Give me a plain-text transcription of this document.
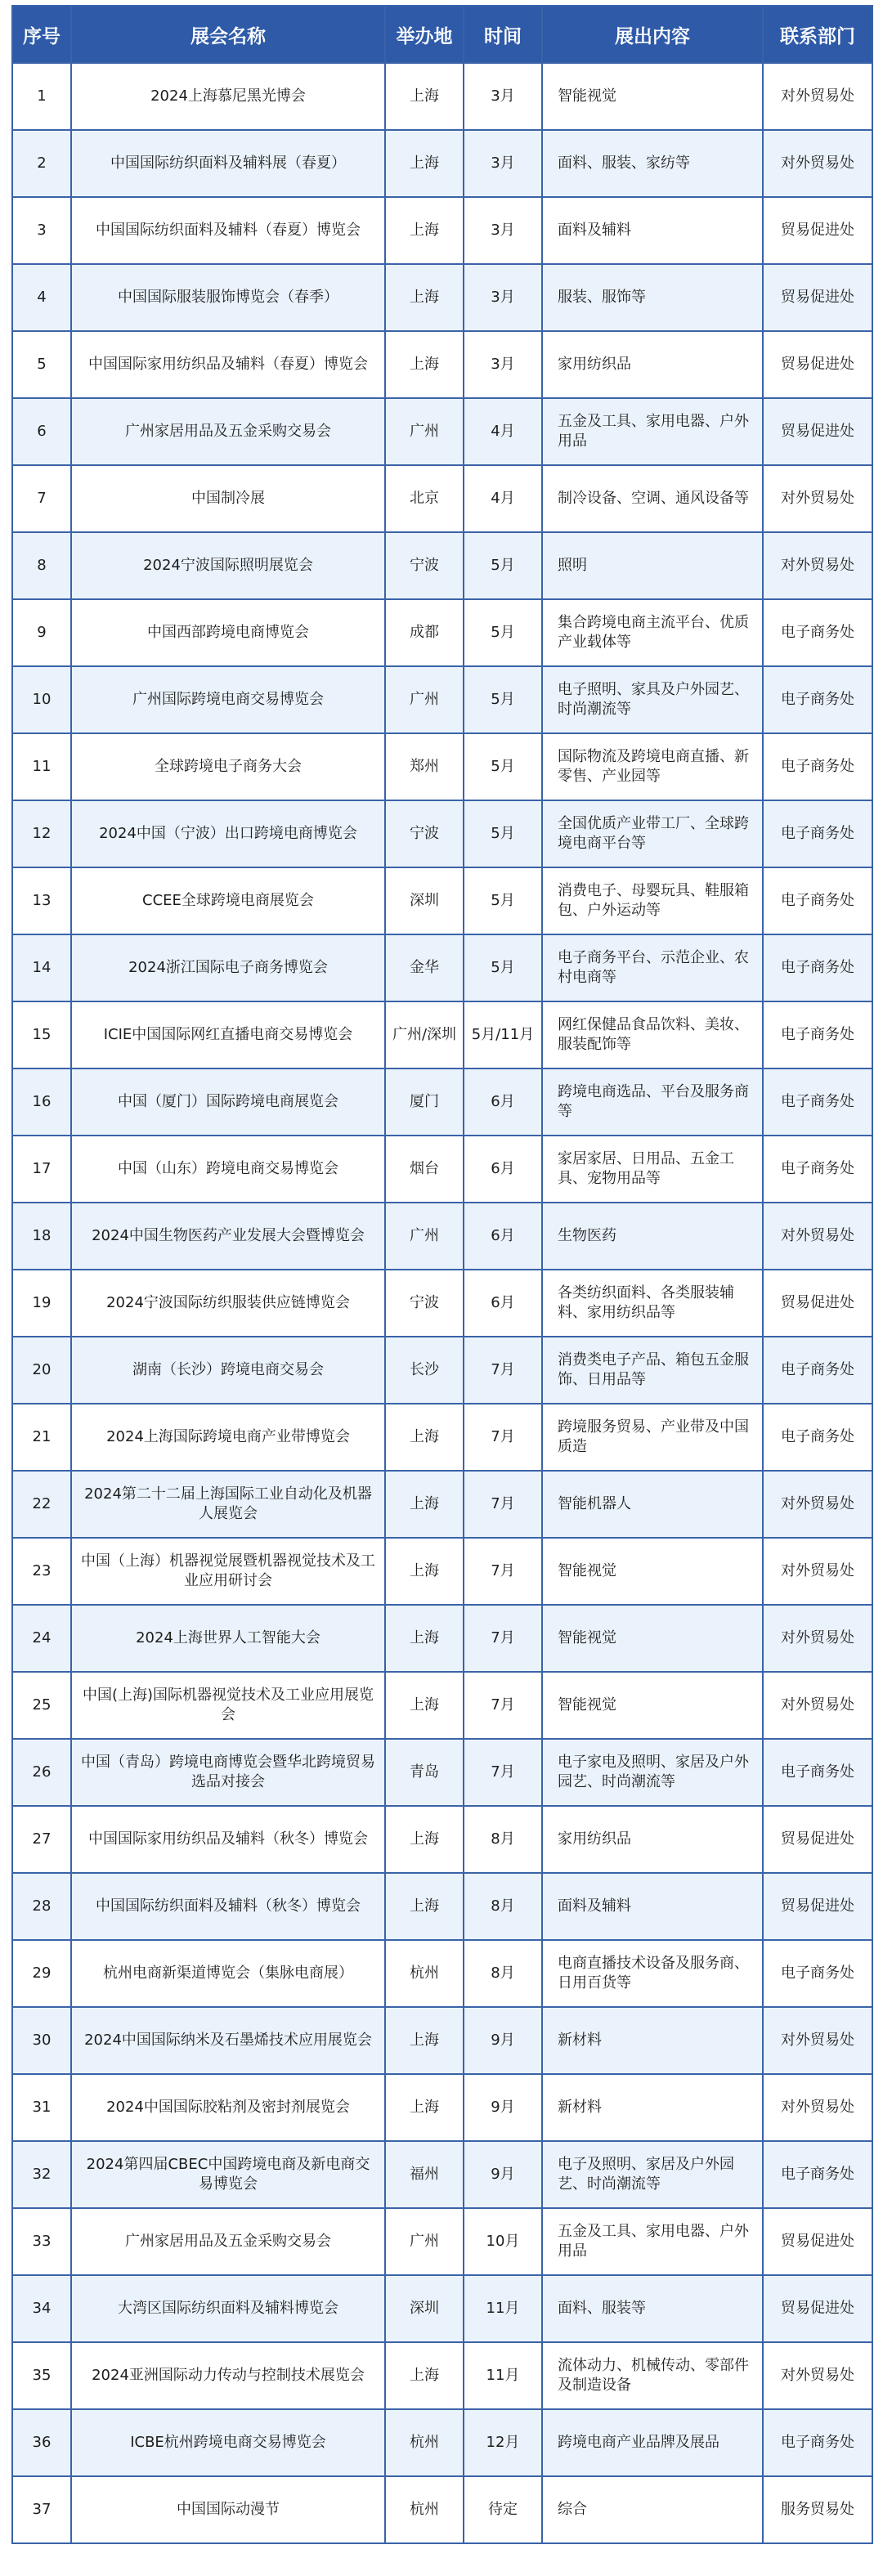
序号	展会名称	举办地	时间	展出内容	联系部门
1	2024上海慕尼黑光博会	上海	3月	智能视觉	对外贸易处
2	中国国际纺织面料及辅料展（春夏）	上海	3月	面料、服装、家纺等	对外贸易处
3	中国国际纺织面料及辅料（春夏）博览会	上海	3月	面料及辅料	贸易促进处
4	中国国际服装服饰博览会（春季）	上海	3月	服装、服饰等	贸易促进处
5	中国国际家用纺织品及辅料（春夏）博览会	上海	3月	家用纺织品	贸易促进处
6	广州家居用品及五金采购交易会	广州	4月	五金及工具、家用电器、户外用品	贸易促进处
7	中国制冷展	北京	4月	制冷设备、空调、通风设备等	对外贸易处
8	2024宁波国际照明展览会	宁波	5月	照明	对外贸易处
9	中国西部跨境电商博览会	成都	5月	集合跨境电商主流平台、优质产业载体等	电子商务处
10	广州国际跨境电商交易博览会	广州	5月	电子照明、家具及户外园艺、时尚潮流等	电子商务处
11	全球跨境电子商务大会	郑州	5月	国际物流及跨境电商直播、新零售、产业园等	电子商务处
12	2024中国（宁波）出口跨境电商博览会	宁波	5月	全国优质产业带工厂、全球跨境电商平台等	电子商务处
13	CCEE全球跨境电商展览会	深圳	5月	消费电子、母婴玩具、鞋服箱包、户外运动等	电子商务处
14	2024浙江国际电子商务博览会	金华	5月	电子商务平台、示范企业、农村电商等	电子商务处
15	ICIE中国国际网红直播电商交易博览会	广州/深圳	5月/11月	网红保健品食品饮料、美妆、服装配饰等	电子商务处
16	中国（厦门）国际跨境电商展览会	厦门	6月	跨境电商选品、平台及服务商等	电子商务处
17	中国（山东）跨境电商交易博览会	烟台	6月	家居家居、日用品、五金工具、宠物用品等	电子商务处
18	2024中国生物医药产业发展大会暨博览会	广州	6月	生物医药	对外贸易处
19	2024宁波国际纺织服装供应链博览会	宁波	6月	各类纺织面料、各类服装辅料、家用纺织品等	贸易促进处
20	湖南（长沙）跨境电商交易会	长沙	7月	消费类电子产品、箱包五金服饰、日用品等	电子商务处
21	2024上海国际跨境电商产业带博览会	上海	7月	跨境服务贸易、产业带及中国质造	电子商务处
22	2024第二十二届上海国际工业自动化及机器人展览会	上海	7月	智能机器人	对外贸易处
23	中国（上海）机器视觉展暨机器视觉技术及工业应用研讨会	上海	7月	智能视觉	对外贸易处
24	2024上海世界人工智能大会	上海	7月	智能视觉	对外贸易处
25	中国(上海)国际机器视觉技术及工业应用展览会	上海	7月	智能视觉	对外贸易处
26	中国（青岛）跨境电商博览会暨华北跨境贸易选品对接会	青岛	7月	电子家电及照明、家居及户外园艺、时尚潮流等	电子商务处
27	中国国际家用纺织品及辅料（秋冬）博览会	上海	8月	家用纺织品	贸易促进处
28	中国国际纺织面料及辅料（秋冬）博览会	上海	8月	面料及辅料	贸易促进处
29	杭州电商新渠道博览会（集脉电商展）	杭州	8月	电商直播技术设备及服务商、日用百货等	电子商务处
30	2024中国国际纳米及石墨烯技术应用展览会	上海	9月	新材料	对外贸易处
31	2024中国国际胶粘剂及密封剂展览会	上海	9月	新材料	对外贸易处
32	2024第四届CBEC中国跨境电商及新电商交易博览会	福州	9月	电子及照明、家居及户外园艺、时尚潮流等	电子商务处
33	广州家居用品及五金采购交易会	广州	10月	五金及工具、家用电器、户外用品	贸易促进处
34	大湾区国际纺织面料及辅料博览会	深圳	11月	面料、服装等	贸易促进处
35	2024亚洲国际动力传动与控制技术展览会	上海	11月	流体动力、机械传动、零部件及制造设备	对外贸易处
36	ICBE杭州跨境电商交易博览会	杭州	12月	跨境电商产业品牌及展品	电子商务处
37	中国国际动漫节	杭州	待定	综合	服务贸易处
